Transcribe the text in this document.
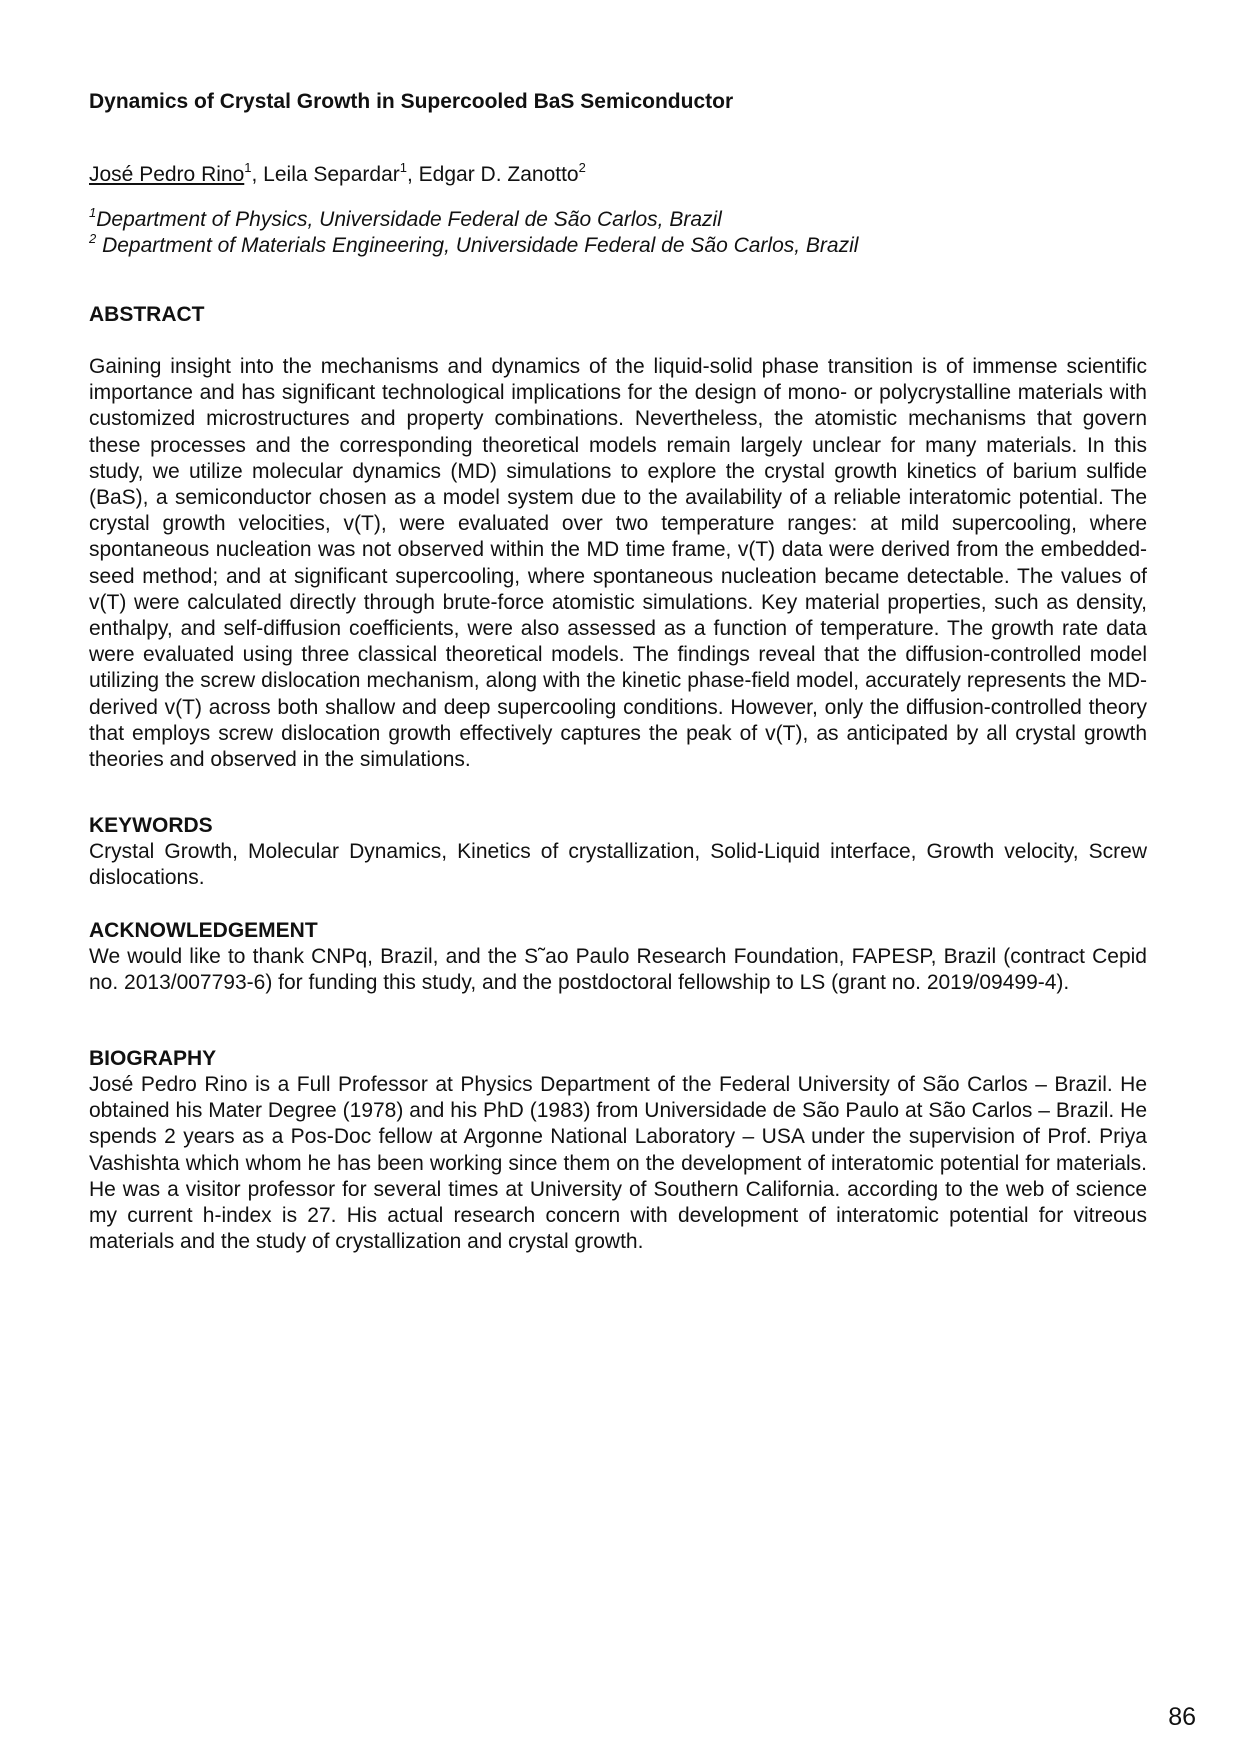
Dynamics of Crystal Growth in Supercooled BaS Semiconductor
José Pedro Rino$^1$, Leila Separdar$^1$, Edgar D. Zanotto$^2$
$^1$Department of Physics, Universidade Federal de São Carlos, Brazil
$^2$ Department of Materials Engineering, Universidade Federal de São Carlos, Brazil
ABSTRACT

Gaining insight into the mechanisms and dynamics of the liquid-solid phase transition is of immense scientific importance and has significant technological implications for the design of mono- or polycrystalline materials with customized microstructures and property combinations. Nevertheless, the atomistic mechanisms that govern these processes and the corresponding theoretical models remain largely unclear for many materials. In this study, we utilize molecular dynamics (MD) simulations to explore the crystal growth kinetics of barium sulfide (BaS), a semiconductor chosen as a model system due to the availability of a reliable interatomic potential. The crystal growth velocities, v(T), were evaluated over two temperature ranges: at mild supercooling, where spontaneous nucleation was not observed within the MD time frame, v(T) data were derived from the embedded-seed method; and at significant supercooling, where spontaneous nucleation became detectable. The values of v(T) were calculated directly through brute-force atomistic simulations. Key material properties, such as density, enthalpy, and self-diffusion coefficients, were also assessed as a function of temperature. The growth rate data were evaluated using three classical theoretical models. The findings reveal that the diffusion-controlled model utilizing the screw dislocation mechanism, along with the kinetic phase-field model, accurately represents the MD-derived v(T) across both shallow and deep supercooling conditions. However, only the diffusion-controlled theory that employs screw dislocation growth effectively captures the peak of v(T), as anticipated by all crystal growth theories and observed in the simulations.

KEYWORDS

Crystal Growth, Molecular Dynamics, Kinetics of crystallization, Solid-Liquid interface, Growth velocity, Screw dislocations.

ACKNOWLEDGEMENT

We would like to thank CNPq, Brazil, and the S˜ao Paulo Research Foundation, FAPESP, Brazil (contract Cepid no. 2013/007793-6) for funding this study, and the postdoctoral fellowship to LS (grant no. 2019/09499-4).

BIOGRAPHY

José Pedro Rino is a Full Professor at Physics Department of the Federal University of São Carlos – Brazil. He obtained his Mater Degree (1978) and his PhD (1983) from Universidade de São Paulo at São Carlos – Brazil. He spends 2 years as a Pos-Doc fellow at Argonne National Laboratory – USA under the supervision of Prof. Priya Vashishta which whom he has been working since them on the development of interatomic potential for materials. He was a visitor professor for several times at University of Southern California. according to the web of science my current h-index is 27. His actual research concern with development of interatomic potential for vitreous materials and the study of crystallization and crystal growth.

86
